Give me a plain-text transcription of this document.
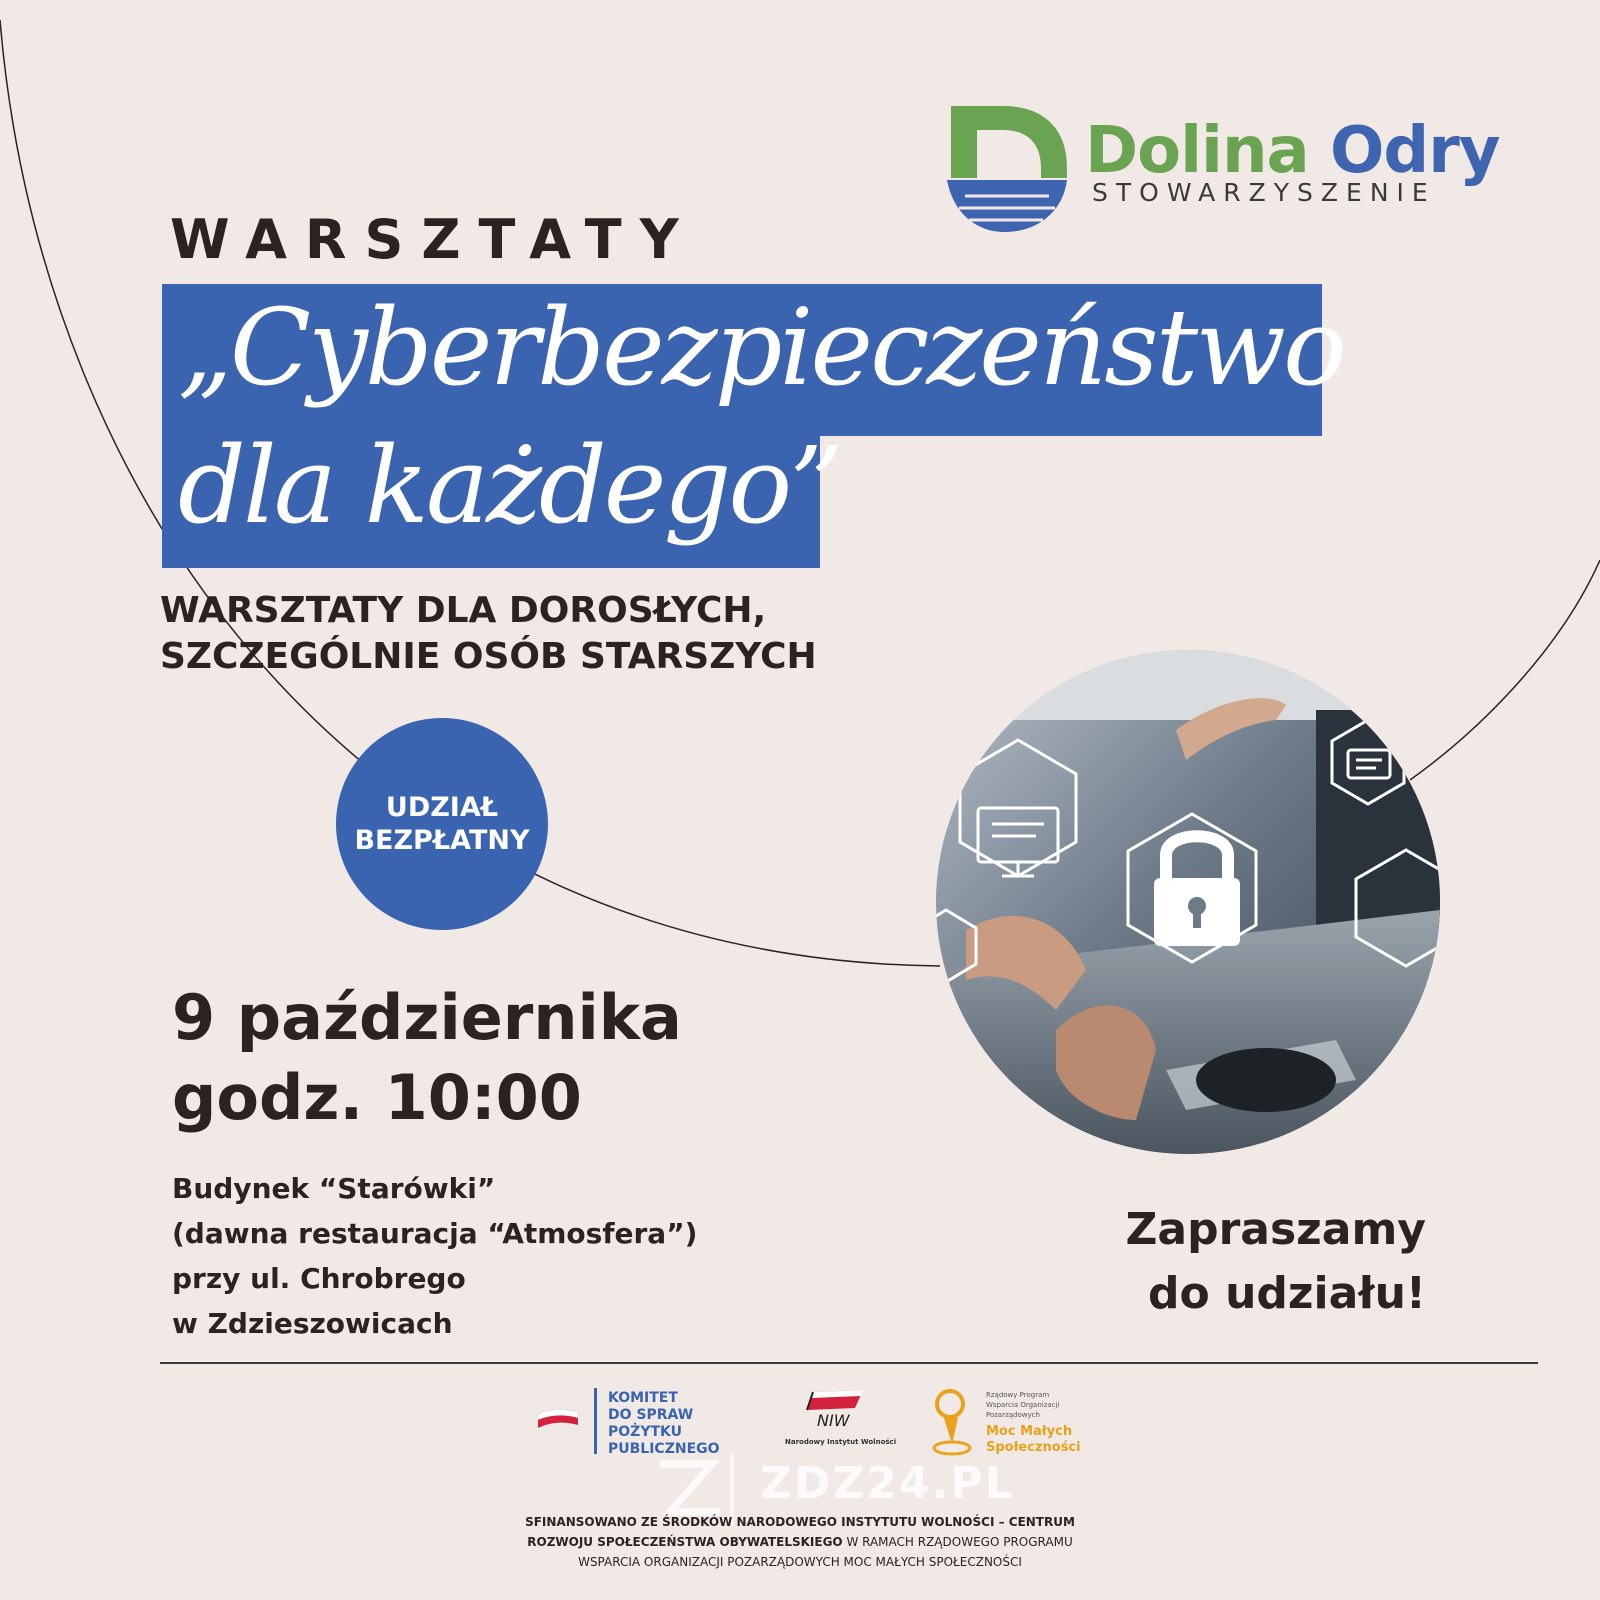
Dolina Odry
STOWARZYSZENIE
WARSZTATY
„Cyberbezpieczeństwo
dla każdego”
WARSZTATY DLA DOROSŁYCH,
SZCZEGÓLNIE OSÓB STARSZYCH
UDZIAŁ
BEZPŁATNY
9 października
godz. 10:00
Budynek “Starówki”
(dawna restauracja “Atmosfera”)
przy ul. Chrobrego
w Zdzieszowicach
Zapraszamy
do udziału!
KOMITET
DO SPRAW
POŻYTKU
PUBLICZNEGO
NIW
Narodowy Instytut Wolności
Rządowy Program
Wsparcia Organizacji
Pozarządowych
Moc Małych
Społeczności
ZDZ24.PL
SFINANSOWANO ZE ŚRODKÓW NARODOWEGO INSTYTUTU WOLNOŚCI – CENTRUM
ROZWOJU SPOŁECZEŃSTWA OBYWATELSKIEGO W RAMACH RZĄDOWEGO PROGRAMU
WSPARCIA ORGANIZACJI POZARZĄDOWYCH MOC MAŁYCH SPOŁECZNOŚCI
